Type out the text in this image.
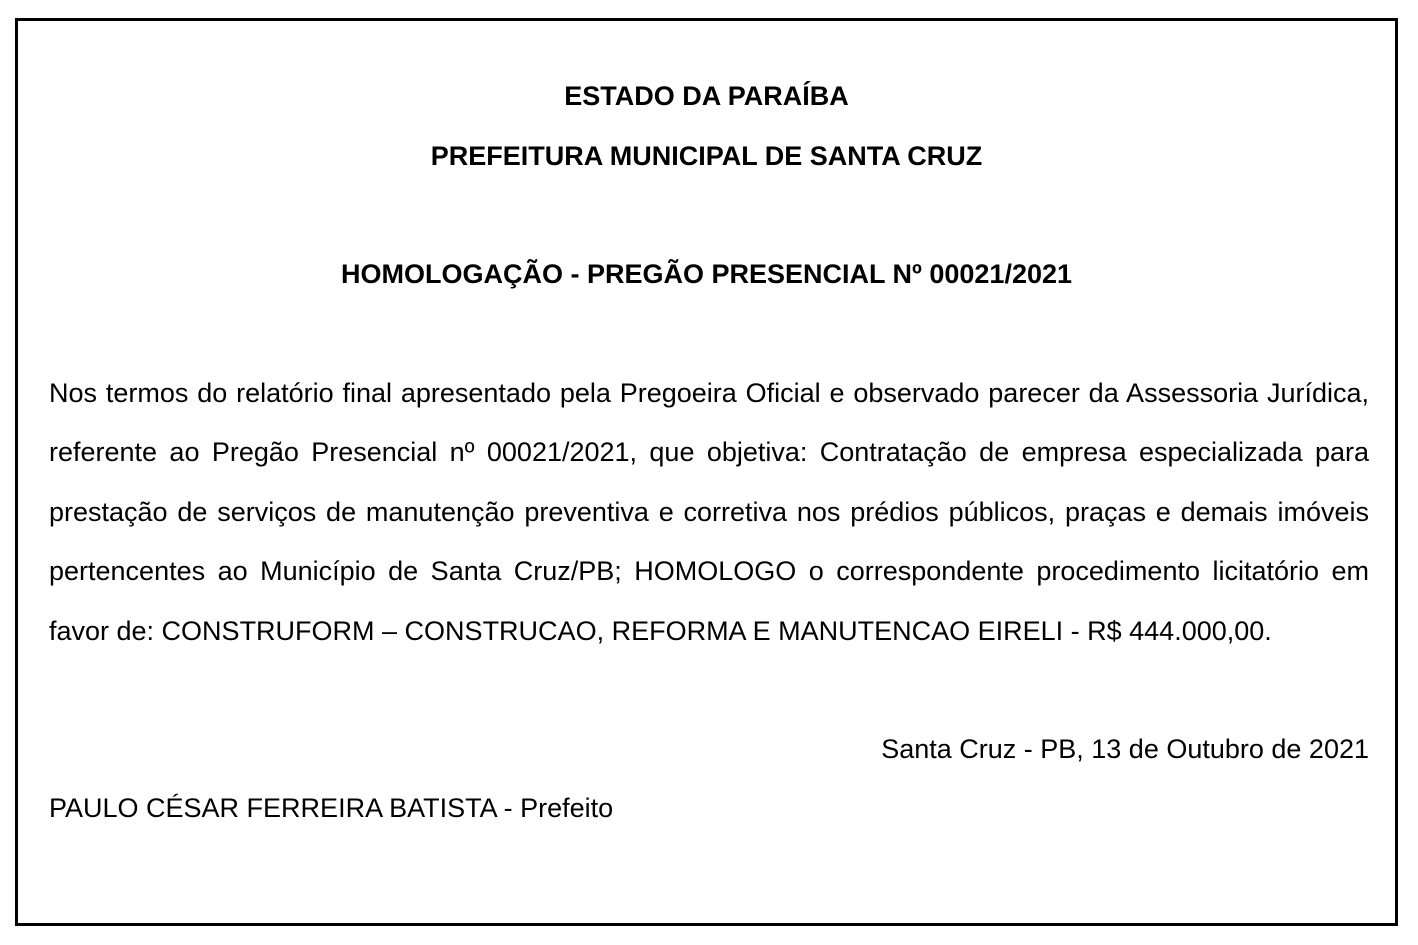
ESTADO DA PARAÍBA

PREFEITURA MUNICIPAL DE SANTA CRUZ

HOMOLOGAÇÃO - PREGÃO PRESENCIAL Nº 00021/2021

Nos termos do relatório final apresentado pela Pregoeira Oficial e observado parecer da Assessoria Jurídica, referente ao Pregão Presencial nº 00021/2021, que objetiva: Contratação de empresa especializada para prestação de serviços de manutenção preventiva e corretiva nos prédios públicos, praças e demais imóveis pertencentes ao Município de Santa Cruz/PB; HOMOLOGO o correspondente procedimento licitatório em favor de: CONSTRUFORM – CONSTRUCAO, REFORMA E MANUTENCAO EIRELI - R$ 444.000,00.

Santa Cruz - PB, 13 de Outubro de 2021

PAULO CÉSAR FERREIRA BATISTA - Prefeito
